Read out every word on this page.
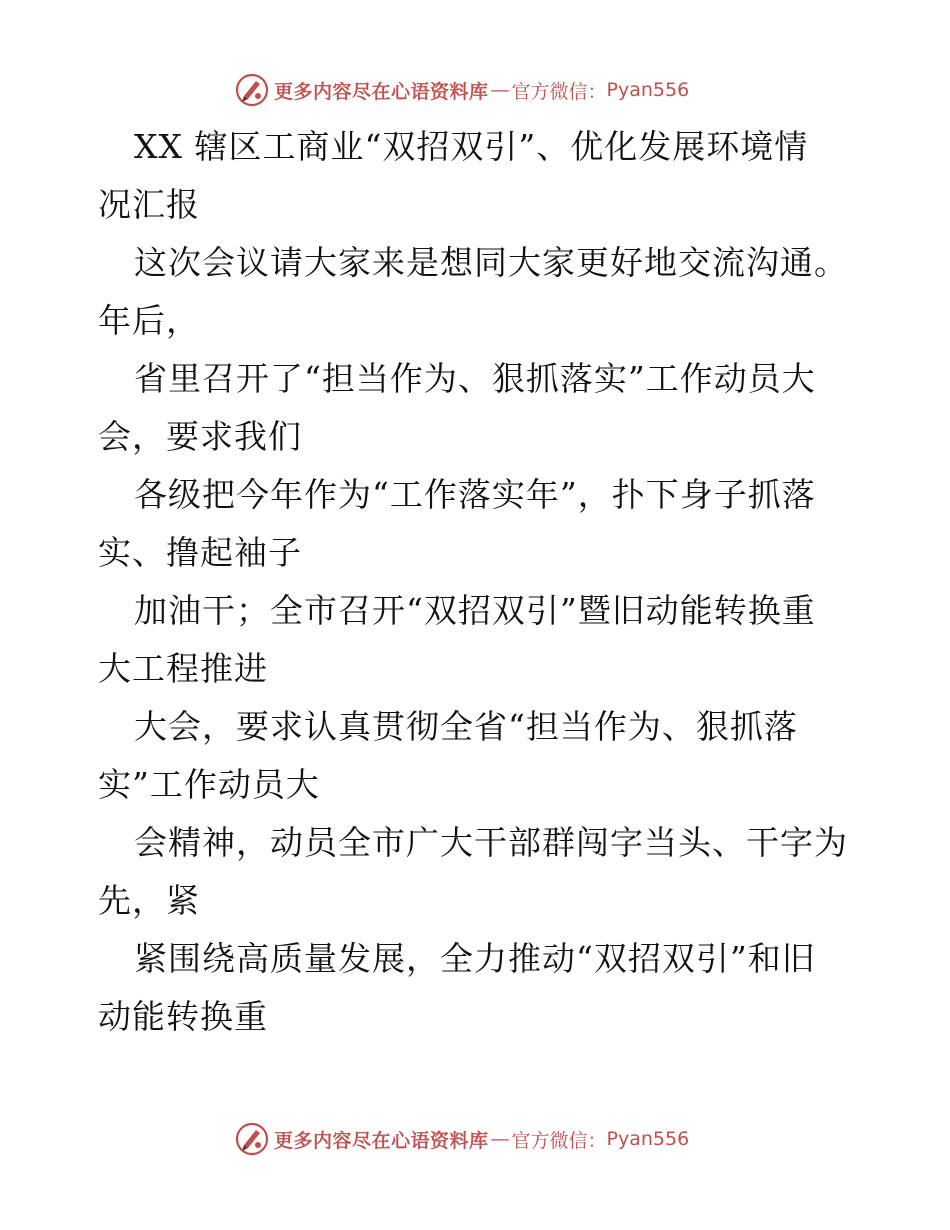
更多内容尽在心语资料库 — 官方微信： Pyan556
XX 辖区工商业“双招双引”、优化发展环境情
况汇报
这次会议请大家来是想同大家更好地交流沟通。
年后，
省里召开了“担当作为、狠抓落实”工作动员大
会，要求我们
各级把今年作为“工作落实年”，扑下身子抓落
实、撸起袖子
加油干；全市召开“双招双引”暨旧动能转换重
大工程推进
大会，要求认真贯彻全省“担当作为、狠抓落
实”工作动员大
会精神，动员全市广大干部群闯字当头、干字为
先，紧
紧围绕高质量发展，全力推动“双招双引”和旧
动能转换重
更多内容尽在心语资料库 — 官方微信： Pyan556
